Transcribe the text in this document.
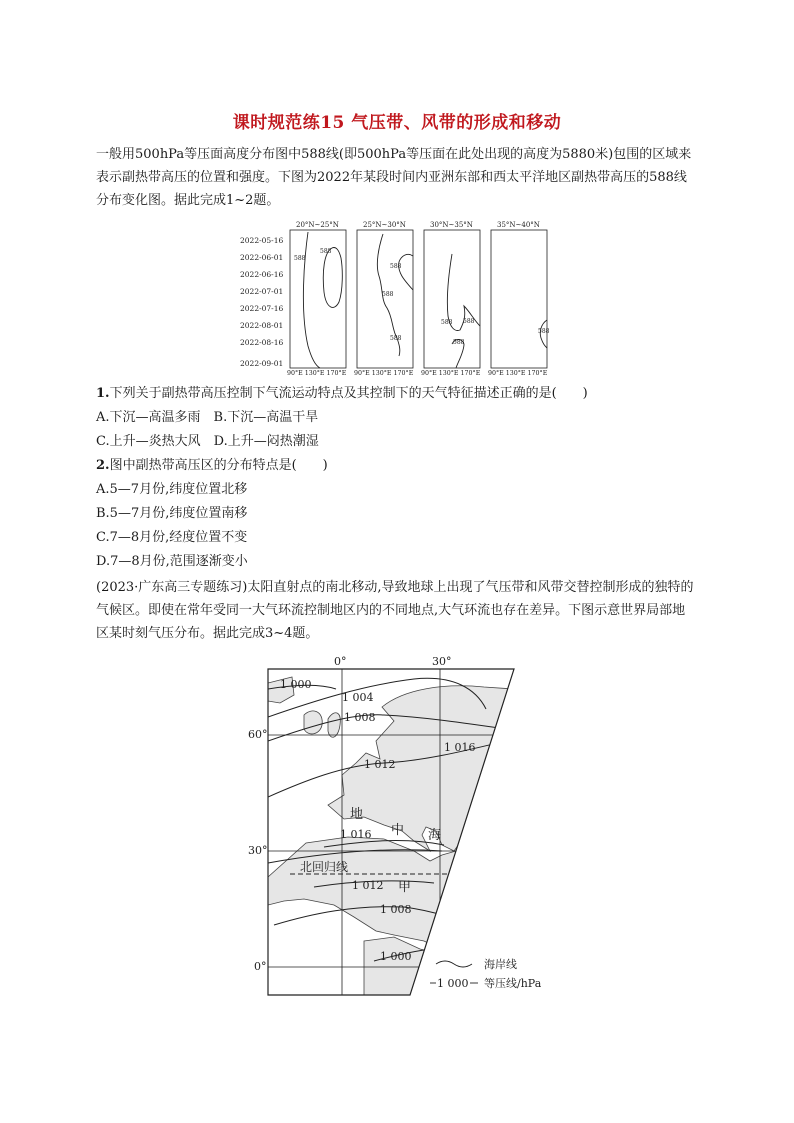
课时规范练15 气压带、风带的形成和移动

一般用500hPa等压面高度分布图中588线(即500hPa等压面在此处出现的高度为5880米)包围的区域来表示副热带高压的位置和强度。下图为2022年某段时间内亚洲东部和西太平洋地区副热带高压的588线分布变化图。据此完成1~2题。

2022-05-16
2022-06-01
2022-06-16
2022-07-01
2022-07-16
2022-08-01
2022-08-16
2022-09-01
20°N~25°N	25°N~30°N	30°N~35°N	35°N~40°N
90°E 130°E 170°E 90°E 130°E 170°E 90°E 130°E 170°E 90°E 130°E 170°E
588
588
588
588
588
588 588
588
588
1.下列关于副热带高压控制下气流运动特点及其控制下的天气特征描述正确的是(　　)
A.下沉—高温多雨　B.下沉—高温干旱
C.上升—炎热大风　D.上升—闷热潮湿
2.图中副热带高压区的分布特点是(　　)
A.5—7月份,纬度位置北移
B.5—7月份,纬度位置南移
C.7—8月份,经度位置不变
D.7—8月份,范围逐渐变小

(2023·广东高三专题练习)太阳直射点的南北移动,导致地球上出现了气压带和风带交替控制形成的独特的气候区。即使在常年受同一大气环流控制地区内的不同地点,大气环流也存在差异。下图示意世界局部地区某时刻气压分布。据此完成3~4题。

0°	30°
60°
30°
0°
1 000
1 004
1 008
1 012
1 016
1 016
1 012
1 008
1 000
地
中 海
北回归线
甲
海岸线
1 000 等压线/hPa
